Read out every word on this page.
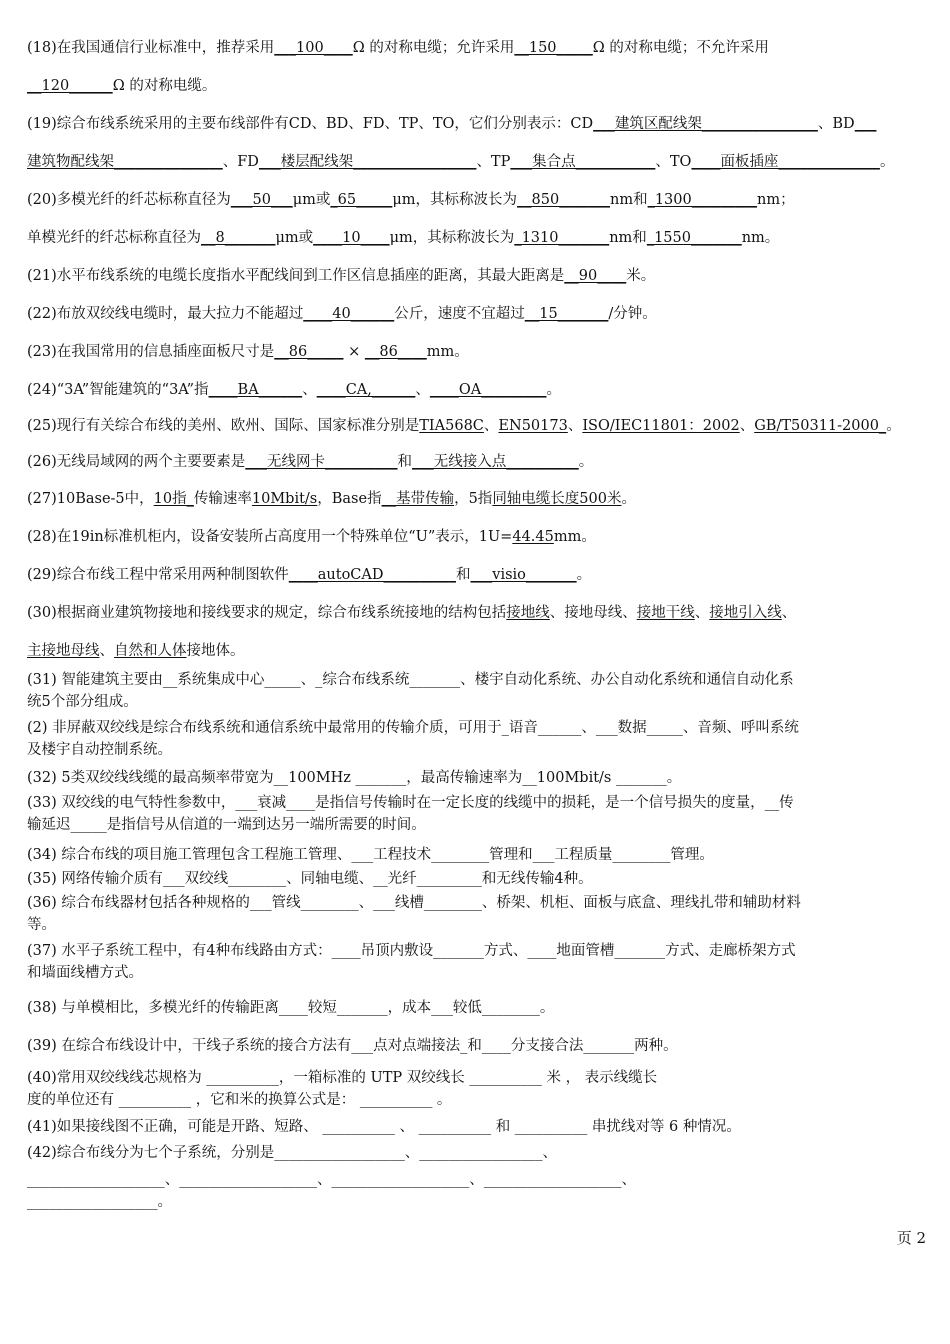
(18)在我国通信行业标准中，推荐采用___100____Ω 的对称电缆；允许采用__150_____Ω 的对称电缆；不允许采用
__120______Ω 的对称电缆。
(19)综合布线系统采用的主要布线部件有CD、BD、FD、TP、TO，它们分别表示：CD___建筑区配线架________________、BD___
建筑物配线架_______________、FD___楼层配线架_________________、TP___集合点___________、TO____面板插座______________。
(20)多模光纤的纤芯标称直径为___50___μm或_65_____μm，其标称波长为__850_______nm和_1300_________nm；
单模光纤的纤芯标称直径为__8_______μm或____10____μm，其标称波长为_1310_______nm和_1550_______nm。
(21)水平布线系统的电缆长度指水平配线间到工作区信息插座的距离，其最大距离是__90____米。
(22)布放双绞线电缆时，最大拉力不能超过____40______公斤，速度不宜超过__15_______/分钟。
(23)在我国常用的信息插座面板尺寸是__86_____ × __86____mm。
(24)“3A”智能建筑的“3A”指____BA______、____CA,______、____OA_________。
(25)现行有关综合布线的美州、欧州、国际、国家标准分别是TIA568C、EN50173、ISO/IEC11801：2002、GB/T50311-2000_。
(26)无线局域网的两个主要要素是___无线网卡__________和___无线接入点__________。
(27)10Base-5中，10指_传输速率10Mbit/s，Base指__基带传输，5指同轴电缆长度500米。
(28)在19in标准机柜内，设备安装所占高度用一个特殊单位“U”表示，1U=44.45mm。
(29)综合布线工程中常采用两种制图软件____autoCAD__________和___visio_______。
(30)根据商业建筑物接地和接线要求的规定，综合布线系统接地的结构包括接地线、接地母线、接地干线、接地引入线、
主接地母线、自然和人体接地体。
(31) 智能建筑主要由__系统集成中心_____、_综合布线系统_______、楼宇自动化系统、办公自动化系统和通信自动化系
统5个部分组成。
(2) 非屏蔽双绞线是综合布线系统和通信系统中最常用的传输介质，可用于_语音______、___数据_____、音频、呼叫系统
及楼宇自动控制系统。
(32) 5类双绞线线缆的最高频率带宽为__100MHz _______，最高传输速率为__100Mbit/s _______。
(33) 双绞线的电气特性参数中，___衰减____是指信号传输时在一定长度的线缆中的损耗，是一个信号损失的度量，__传
输延迟_____是指信号从信道的一端到达另一端所需要的时间。
(34) 综合布线的项目施工管理包含工程施工管理、___工程技术________管理和___工程质量________管理。
(35) 网络传输介质有___双绞线________、同轴电缆、__光纤_________和无线传输4种。
(36) 综合布线器材包括各种规格的___管线________、___线槽________、桥架、机柜、面板与底盒、理线扎带和辅助材料
等。
(37) 水平子系统工程中，有4种布线路由方式：____吊顶内敷设_______方式、____地面管槽_______方式、走廊桥架方式
和墙面线槽方式。
(38) 与单模相比，多模光纤的传输距离____较短_______，成本___较低________。
(39) 在综合布线设计中，干线子系统的接合方法有___点对点端接法_和____分支接合法_______两种。
(40)常用双绞线线芯规格为 __________，一箱标准的 UTP 双绞线长 __________ 米 ， 表示线缆长
度的单位还有 __________ ，它和米的换算公式是： __________ 。
(41)如果接线图不正确，可能是开路、短路、 __________ 、 __________ 和 __________ 串扰线对等 6 种情况。
(42)综合布线分为七个子系统，分别是__________________、_________________、
___________________、___________________、___________________、___________________、
__________________。
页 2
